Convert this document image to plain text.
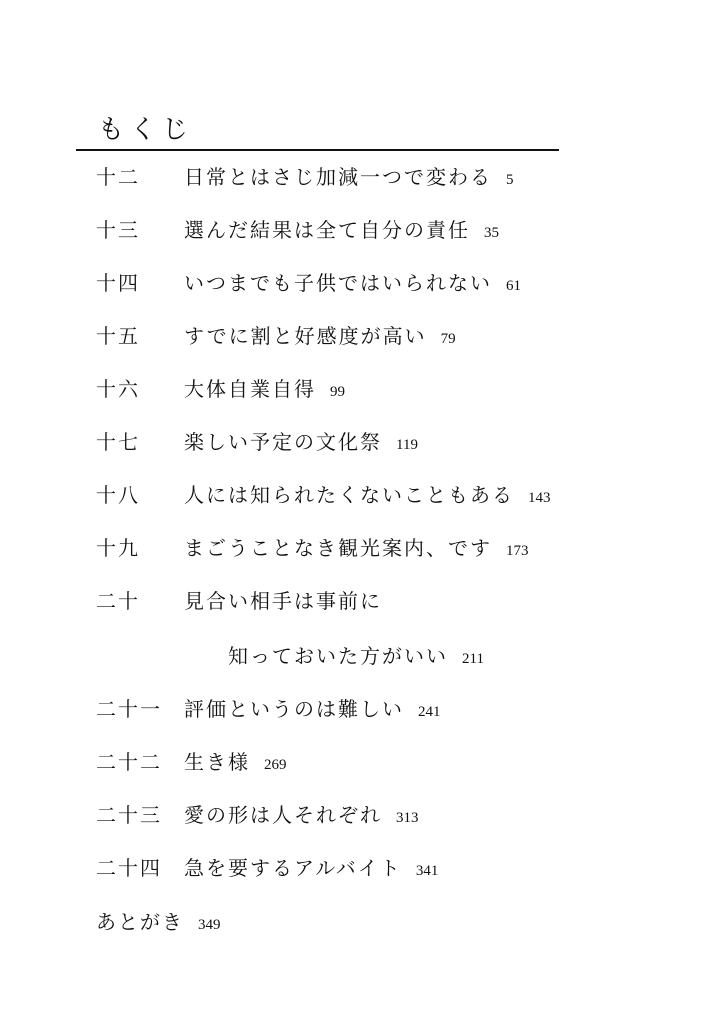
もくじ
十二 日常とはさじ加減一つで変わる 5
十三 選んだ結果は全て自分の責任 35
十四 いつまでも子供ではいられない 61
十五 すでに割と好感度が高い 79
十六 大体自業自得 99
十七 楽しい予定の文化祭 119
十八 人には知られたくないこともある 143
十九 まごうことなき観光案内、です 173
二十 見合い相手は事前に
知っておいた方がいい 211
二十一 評価というのは難しい 241
二十二 生き様 269
二十三 愛の形は人それぞれ 313
二十四 急を要するアルバイト 341
あとがき 349
